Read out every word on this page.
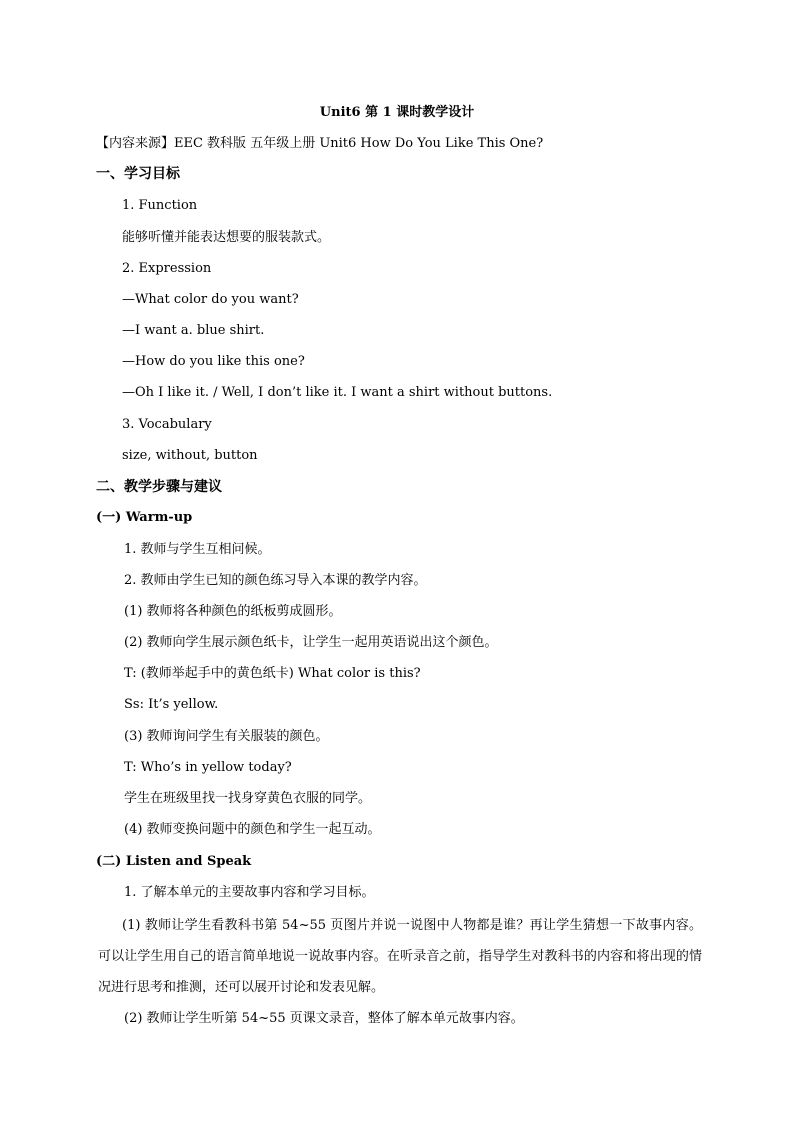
Unit6 第 1 课时教学设计
【内容来源】EEC 教科版 五年级上册 Unit6 How Do You Like This One?
一、学习目标
1. Function
能够听懂并能表达想要的服装款式。
2. Expression
—What color do you want?
—I want a. blue shirt.
—How do you like this one?
—Oh I like it. / Well, I don’t like it. I want a shirt without buttons.
3. Vocabulary
size, without, button
二、教学步骤与建议
(一) Warm-up
1. 教师与学生互相问候。
2. 教师由学生已知的颜色练习导入本课的教学内容。
(1) 教师将各种颜色的纸板剪成圆形。
(2) 教师向学生展示颜色纸卡，让学生一起用英语说出这个颜色。
T: (教师举起手中的黄色纸卡) What color is this?
Ss: It’s yellow.
(3) 教师询问学生有关服装的颜色。
T: Who’s in yellow today?
学生在班级里找一找身穿黄色衣服的同学。
(4) 教师变换问题中的颜色和学生一起互动。
(二) Listen and Speak
1. 了解本单元的主要故事内容和学习目标。
(1) 教师让学生看教科书第 54~55 页图片并说一说图中人物都是谁？再让学生猜想一下故事内容。可以让学生用自己的语言简单地说一说故事内容。在听录音之前，指导学生对教科书的内容和将出现的情况进行思考和推测，还可以展开讨论和发表见解。
(2) 教师让学生听第 54~55 页课文录音，整体了解本单元故事内容。
